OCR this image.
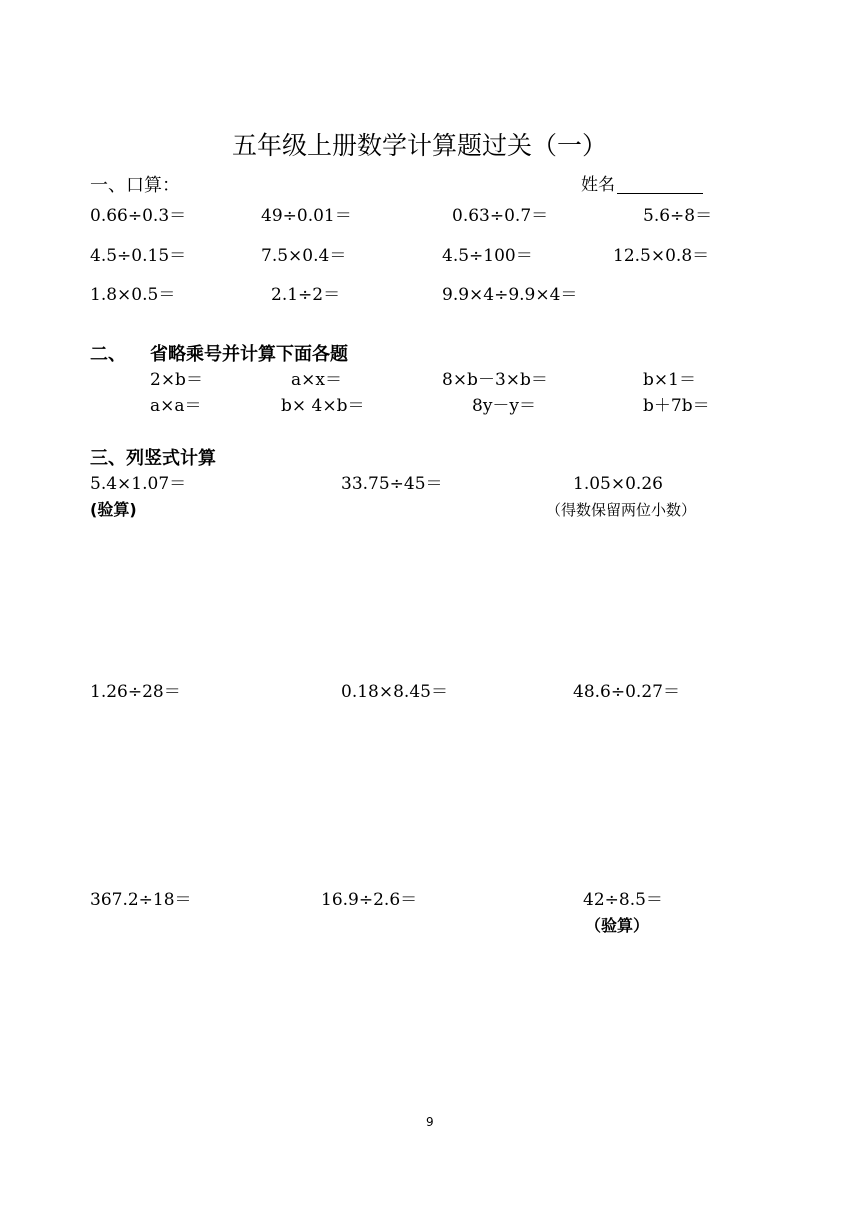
五年级上册数学计算题过关（一）
一、口算：	姓名
0.66÷0.3＝	49÷0.01＝	0.63÷0.7＝	5.6÷8＝
4.5÷0.15＝	7.5×0.4＝	4.5÷100＝	12.5×0.8＝
1.8×0.5＝	2.1÷2＝	9.9×4÷9.9×4＝
二、 省略乘号并计算下面各题
2×b＝	a×x＝	8×b－3×b＝	b×1＝
a×a＝	b× 4×b＝	8y－y＝	b＋7b＝
三、列竖式计算
5.4×1.07＝	33.75÷45＝	1.05×0.26
(验算)	（得数保留两位小数）
1.26÷28＝	0.18×8.45＝	48.6÷0.27＝
367.2÷18＝	16.9÷2.6＝	42÷8.5＝
（验算）
9
